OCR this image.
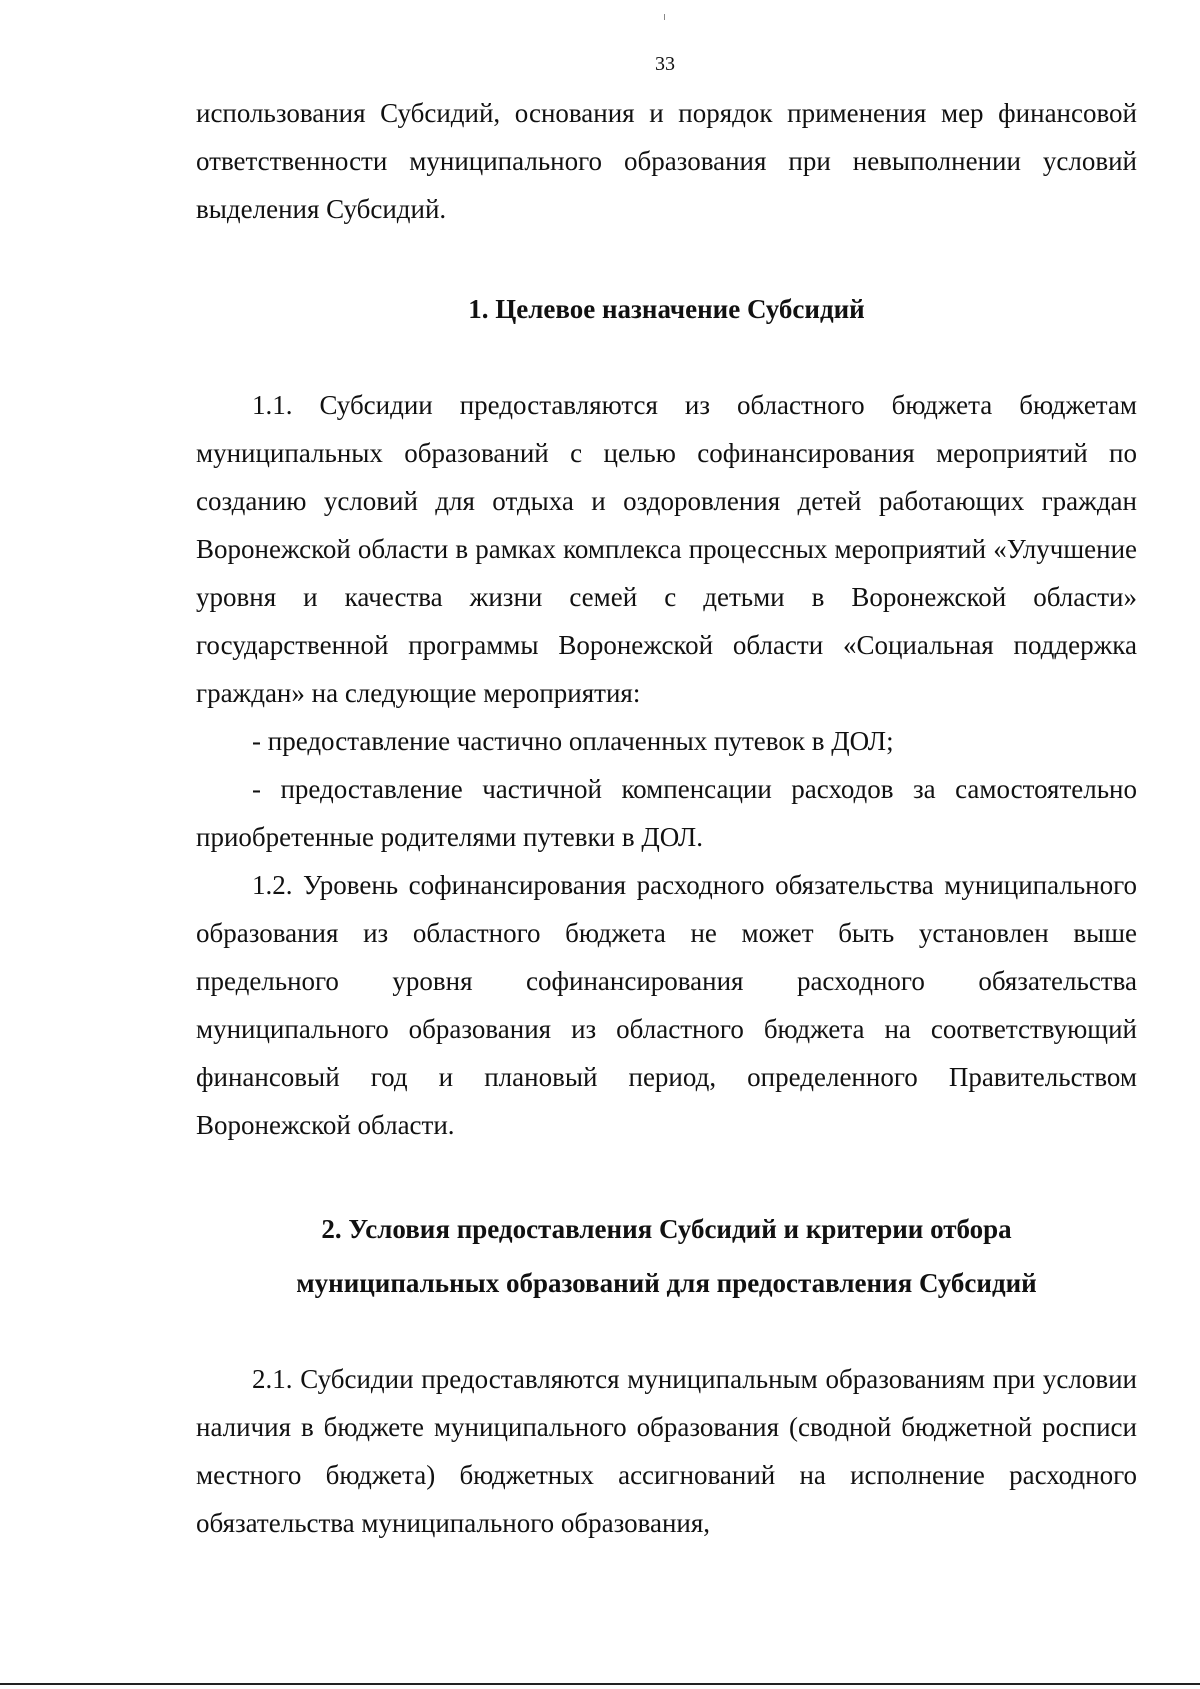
33

использования Субсидий, основания и порядок применения мер финансовой ответственности муниципального образования при невыполнении условий выделения Субсидий.

1. Целевое назначение Субсидий

1.1. Субсидии предоставляются из областного бюджета бюджетам муниципальных образований с целью софинансирования мероприятий по созданию условий для отдыха и оздоровления детей работающих граждан Воронежской области в рамках комплекса процессных мероприятий «Улучшение уровня и качества жизни семей с детьми в Воронежской области» государственной программы Воронежской области «Социальная поддержка граждан» на следующие мероприятия:

- предоставление частично оплаченных путевок в ДОЛ;

- предоставление частичной компенсации расходов за самостоятельно приобретенные родителями путевки в ДОЛ.

1.2. Уровень софинансирования расходного обязательства муниципального образования из областного бюджета не может быть установлен выше предельного уровня софинансирования расходного обязательства муниципального образования из областного бюджета на соответствующий финансовый год и плановый период, определенного Правительством Воронежской области.

2. Условия предоставления Субсидий и критерии отбора
муниципальных образований для предоставления Субсидий

2.1. Субсидии предоставляются муниципальным образованиям при условии наличия в бюджете муниципального образования (сводной бюджетной росписи местного бюджета) бюджетных ассигнований на исполнение расходного обязательства муниципального образования,
